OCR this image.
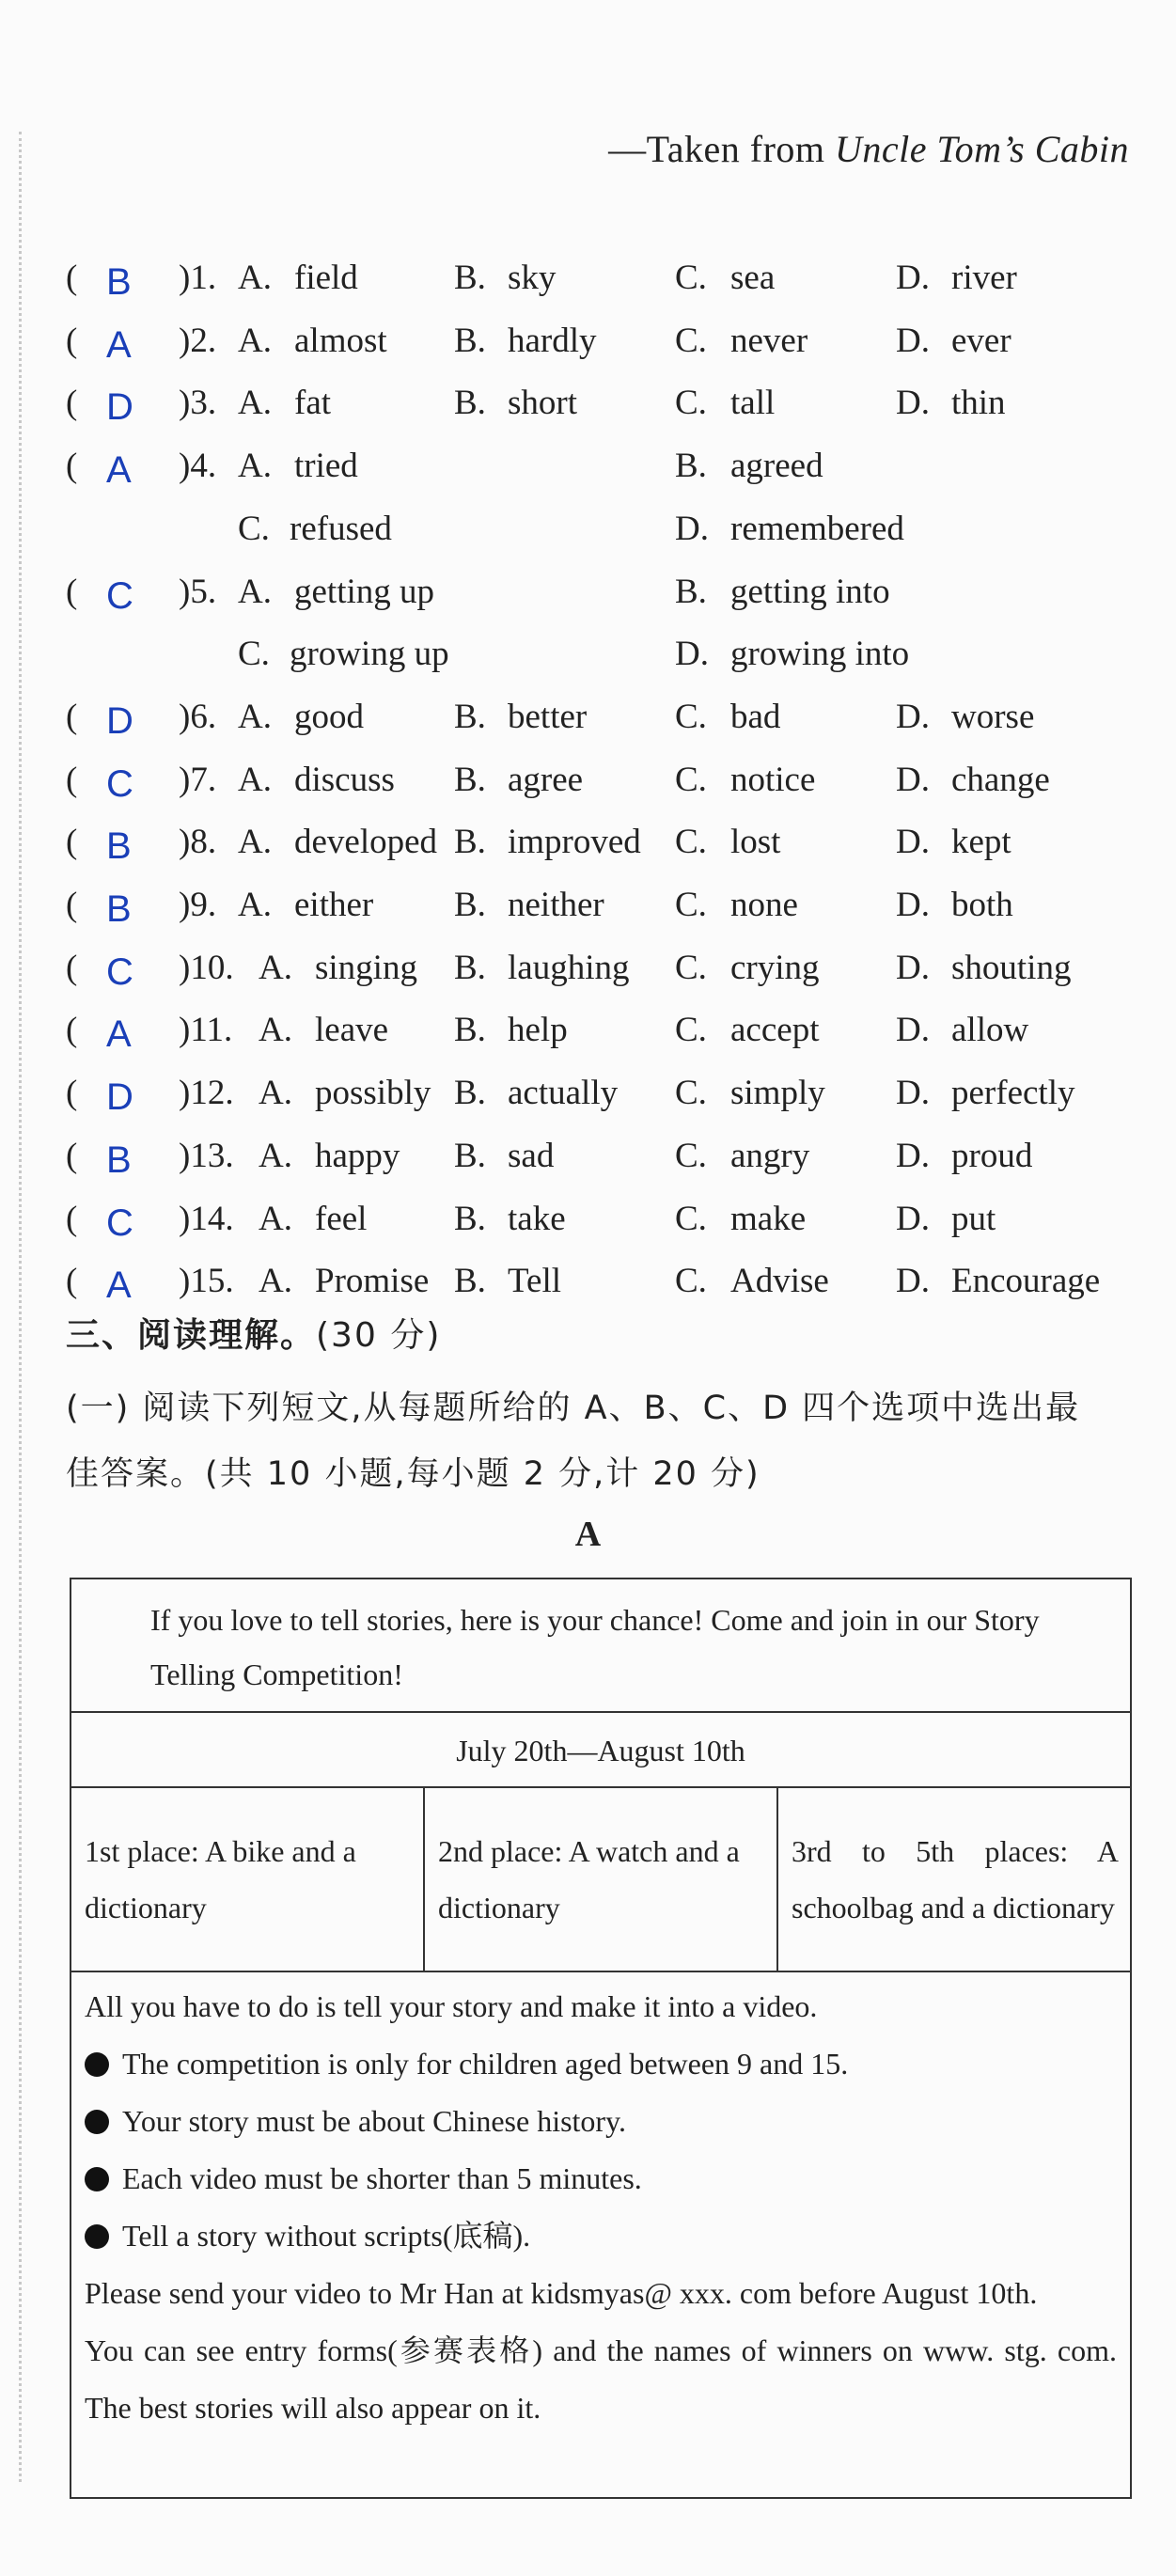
—Taken from Uncle Tom’s Cabin
( B )1. A. field	B. sky	C. sea	D. river
( A )2. A. almost B. hardly C. never	D. ever
( D )3. A. fat	B. short	C. tall	D. thin
( A )4. A. tried	B. agreed
C. refused	D. remembered
( C )5. A. getting up	B. getting into
C. growing up	D. growing into
( D )6. A. good	B. better	C. bad	D. worse
( C )7. A. discuss B. agree	C. notice D. change
( B )8. A. developed B. improved C. lost	D. kept
( B )9. A. either B. neither C. none	D. both
( C )10. A. singing B. laughing C. crying D. shouting
( A )11. A. leave B. help	C. accept D. allow
( D )12. A. possibly B. actually C. simply D. perfectly
( B )13. A. happy B. sad	C. angry D. proud
( C )14. A. feel	B. take	C. make	D. put
( A )15. A. Promise B. Tell	C. Advise D. Encourage
三、阅读理解。(30 分)
(一) 阅读下列短文,从每题所给的 A、B、C、D 四个选项中选出最
佳答案。(共 10 小题,每小题 2 分,计 20 分)
A
If you love to tell stories, here is your chance! Come and join in our Story Telling Competition!
July 20th—August 10th
1st place: A bike and a dictionary
2nd place: A watch and a dictionary
3rd to 5th places: A schoolbag and a dictionary
All you have to do is tell your story and make it into a video.
The competition is only for children aged between 9 and 15.
Your story must be about Chinese history.
Each video must be shorter than 5 minutes.
Tell a story without scripts(底稿).
Please send your video to Mr Han at kidsmyas@ xxx. com before August 10th.
You can see entry forms(参赛表格) and the names of winners on www. stg. com. The best stories will also appear on it.
